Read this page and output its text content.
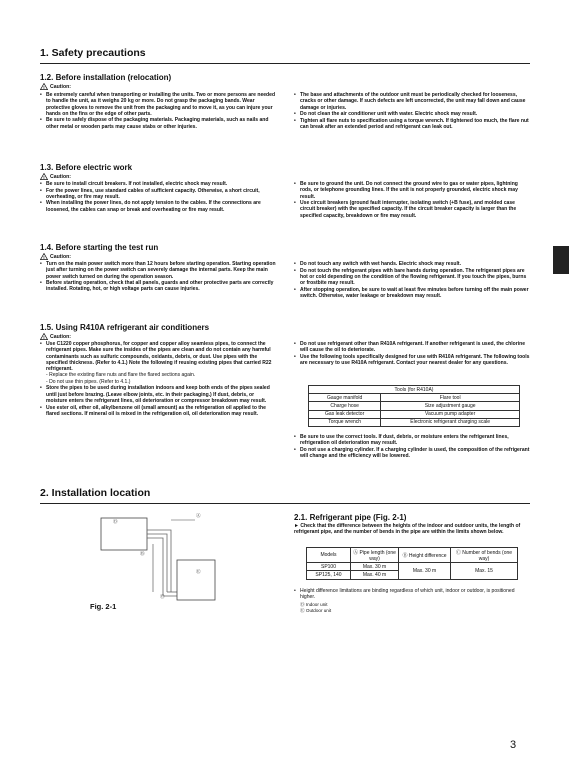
1. Safety precautions
1.2. Before installation (relocation)
! Caution:
• Be extremely careful when transporting or installing the units. Two or more persons are needed to handle the unit, as it weighs 20 kg or more. Do not grasp the packaging bands. Wear protective gloves to remove the unit from the packaging and to move it, as you can injure your hands on the fins or the edge of other parts.
• Be sure to safely dispose of the packaging materials. Packaging materials, such as nails and other metal or wooden parts may cause stabs or other injuries.
• The base and attachments of the outdoor unit must be periodically checked for looseness, cracks or other damage. If such defects are left uncorrected, the unit may fall down and cause damage or injuries.
• Do not clean the air conditioner unit with water. Electric shock may result.
• Tighten all flare nuts to specification using a torque wrench. If tightened too much, the flare nut can break after an extended period and refrigerant can leak out.
1.3. Before electric work
! Caution:
• Be sure to install circuit breakers. If not installed, electric shock may result.
• For the power lines, use standard cables of sufficient capacity. Otherwise, a short circuit, overheating, or fire may result.
• When installing the power lines, do not apply tension to the cables. If the connections are loosened, the cables can snap or break and overheating or fire may result.
• Be sure to ground the unit. Do not connect the ground wire to gas or water pipes, lightning rods, or telephone grounding lines. If the unit is not properly grounded, electric shock may result.
• Use circuit breakers (ground fault interrupter, isolating switch (+B fuse), and molded case circuit breaker) with the specified capacity. If the circuit breaker capacity is larger than the specified capacity, breakdown or fire may result.
1.4. Before starting the test run
! Caution:
• Turn on the main power switch more than 12 hours before starting operation. Starting operation just after turning on the power switch can severely damage the internal parts. Keep the main power switch turned on during the operation season.
• Before starting operation, check that all panels, guards and other protective parts are correctly installed. Rotating, hot, or high voltage parts can cause injuries.
• Do not touch any switch with wet hands. Electric shock may result.
• Do not touch the refrigerant pipes with bare hands during operation. The refrigerant pipes are hot or cold depending on the condition of the flowing refrigerant. If you touch the pipes, burns or frostbite may result.
• After stopping operation, be sure to wait at least five minutes before turning off the main power switch. Otherwise, water leakage or breakdown may result.
1.5. Using R410A refrigerant air conditioners
! Caution:
• Use C1220 copper phosphorus, for copper and copper alloy seamless pipes, to connect the refrigerant pipes. Make sure the insides of the pipes are clean and do not contain any harmful contaminants such as sulfuric compounds, oxidants, debris, or dust. Use pipes with the specified thickness. (Refer to 4.1.) Note the following if reusing existing pipes that carried R22 refrigerant.
- Replace the existing flare nuts and flare the flared sections again.
- Do not use thin pipes. (Refer to 4.1.)
• Store the pipes to be used during installation indoors and keep both ends of the pipes sealed until just before brazing. (Leave elbow joints, etc. in their packaging.) If dust, debris, or moisture enters the refrigerant lines, oil deterioration or compressor breakdown may result.
• Use ester oil, ether oil, alkylbenzene oil (small amount) as the refrigeration oil applied to the flared sections. If mineral oil is mixed in the refrigeration oil, oil deterioration may result.
• Do not use refrigerant other than R410A refrigerant. If another refrigerant is used, the chlorine will cause the oil to deteriorate.
• Use the following tools specifically designed for use with R410A refrigerant. The following tools are necessary to use R410A refrigerant. Contact your nearest dealer for any questions.
Tools (for R410A)	
Gauge manifold	Flare tool
Charge hose	Size adjustment gauge
Gas leak detector	Vacuum pump adapter
Torque wrench	Electronic refrigerant charging scale
• Be sure to use the correct tools. If dust, debris, or moisture enters the refrigerant lines, refrigeration oil deterioration may result.
• Do not use a charging cylinder. If a charging cylinder is used, the composition of the refrigerant will change and the efficiency will be lowered.
2. Installation location
Ⓓ
Ⓐ
Ⓑ
Ⓔ
Ⓒ
Fig. 2-1
2.1. Refrigerant pipe (Fig. 2-1)
► Check that the difference between the heights of the indoor and outdoor units, the length of refrigerant pipe, and the number of bends in the pipe are within the limits shown below.
Models	Ⓐ Pipe length (one way)	Ⓑ Height difference	Ⓒ Number of bends (one way)
SP100	Max. 30 m	Max. 30 m	Max. 15
SP125, 140	Max. 40 m		
• Height difference limitations are binding regardless of which unit, indoor or outdoor, is positioned higher.
Ⓓ Indoor unit
Ⓔ Outdoor unit
3
